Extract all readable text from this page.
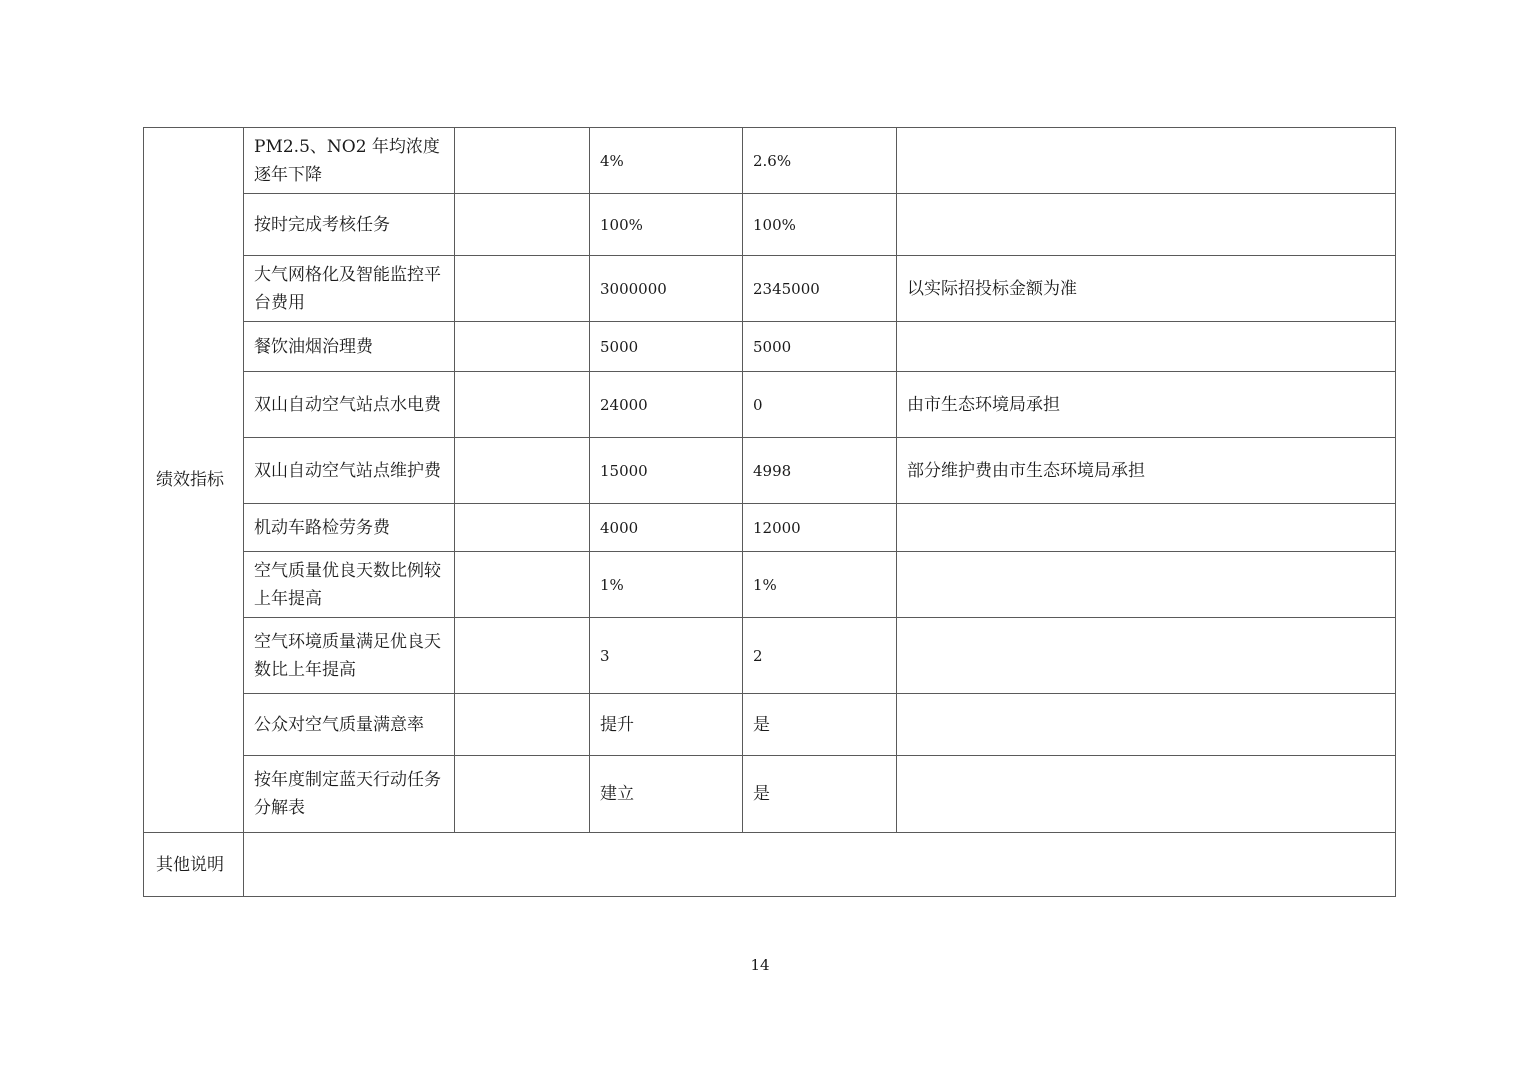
绩效指标	PM2.5、NO2 年均浓度逐年下降		4%	2.6%	
	按时完成考核任务		100%	100%	
	大气网格化及智能监控平台费用		3000000	2345000	以实际招投标金额为准
	餐饮油烟治理费		5000	5000	
	双山自动空气站点水电费		24000	0	由市生态环境局承担
	双山自动空气站点维护费		15000	4998	部分维护费由市生态环境局承担
	机动车路检劳务费		4000	12000	
	空气质量优良天数比例较上年提高		1%	1%	
	空气环境质量满足优良天数比上年提高		3	2	
	公众对空气质量满意率		提升	是	
	按年度制定蓝天行动任务分解表		建立	是	
其他说明					
14
